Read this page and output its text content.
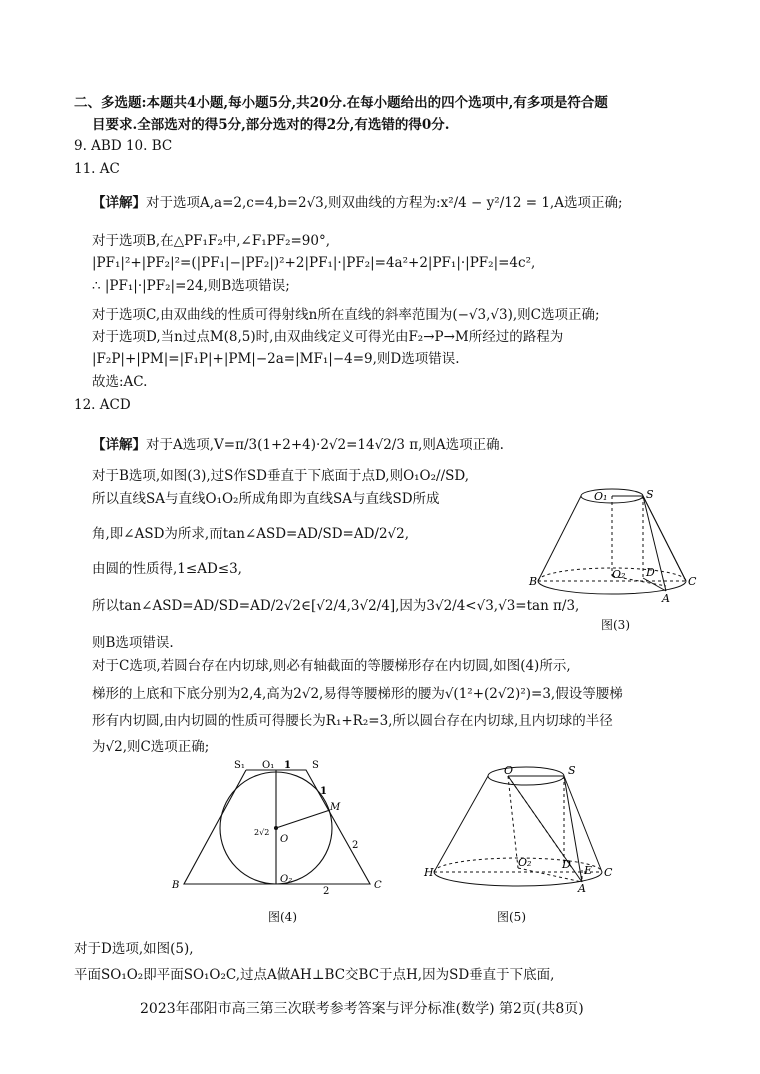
二、多选题:本题共4小题,每小题5分,共20分.在每小题给出的四个选项中,有多项是符合题
目要求.全部选对的得5分,部分选对的得2分,有选错的得0分.
9. ABD 10. BC
11. AC
【详解】对于选项A,a=2,c=4,b=2√3,则双曲线的方程为:x²/4 − y²/12 = 1,A选项正确;
对于选项B,在△PF₁F₂中,∠F₁PF₂=90°,
|PF₁|²+|PF₂|²=(|PF₁|−|PF₂|)²+2|PF₁|·|PF₂|=4a²+2|PF₁|·|PF₂|=4c²,
∴ |PF₁|·|PF₂|=24,则B选项错误;
对于选项C,由双曲线的性质可得射线n所在直线的斜率范围为(−√3,√3),则C选项正确;
对于选项D,当n过点M(8,5)时,由双曲线定义可得光由F₂→P→M所经过的路程为
|F₂P|+|PM|=|F₁P|+|PM|−2a=|MF₁|−4=9,则D选项错误.
故选:AC.
12. ACD
【详解】对于A选项,V=π/3(1+2+4)·2√2=14√2/3 π,则A选项正确.
对于B选项,如图(3),过S作SD垂直于下底面于点D,则O₁O₂//SD,
所以直线SA与直线O₁O₂所成角即为直线SA与直线SD所成
角,即∠ASD为所求,而tan∠ASD=AD/SD=AD/2√2,
由圆的性质得,1≤AD≤3,
所以tan∠ASD=AD/SD=AD/2√2∈[√2/4,3√2/4],因为3√2/4<√3,√3=tan π/3,
则B选项错误.
对于C选项,若圆台存在内切球,则必有轴截面的等腰梯形存在内切圆,如图(4)所示,
梯形的上底和下底分别为2,4,高为2√2,易得等腰梯形的腰为√(1²+(2√2)²)=3,假设等腰梯
形有内切圆,由内切圆的性质可得腰长为R₁+R₂=3,所以圆台存在内切球,且内切球的半径
为√2,则C选项正确;
O₁	S
O₂ D
B	C
A
图(3)
S₁ O₁ 1 S
1
M
2√2
O
2
O₂
B
2
C
图(4)
O	S
O₂	D E
H	C
A
图(5)
对于D选项,如图(5),
平面SO₁O₂即平面SO₁O₂C,过点A做AH⊥BC交BC于点H,因为SD垂直于下底面,
2023年邵阳市高三第三次联考参考答案与评分标准(数学) 第2页(共8页)
